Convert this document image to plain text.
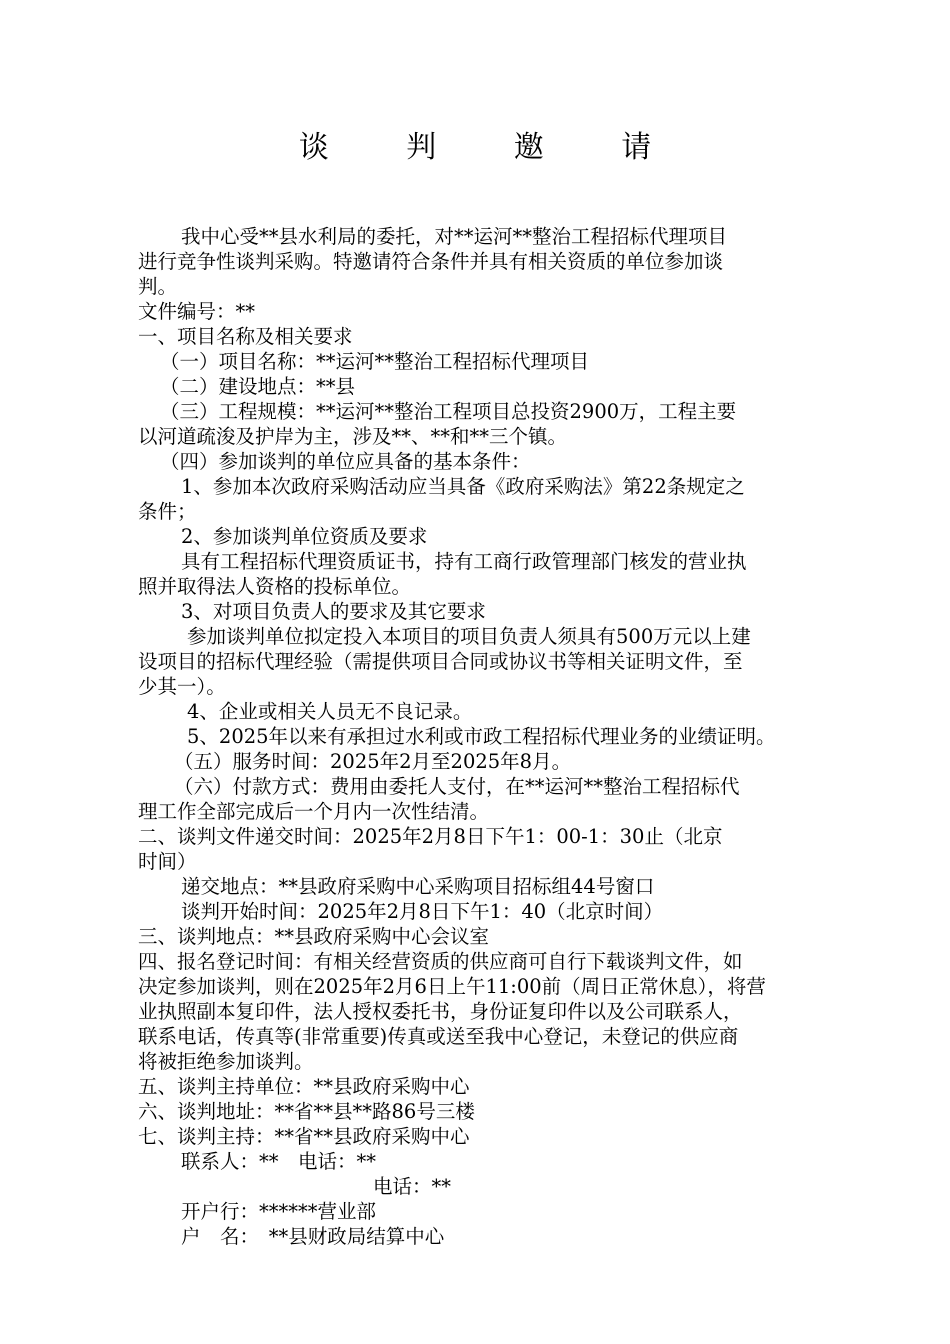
谈 判 邀 请
我中心受**县水利局的委托，对**运河**整治工程招标代理项目
进行竞争性谈判采购。特邀请符合条件并具有相关资质的单位参加谈
判。
文件编号：**
一、项目名称及相关要求
（一）项目名称：**运河**整治工程招标代理项目
（二）建设地点：**县
（三）工程规模：**运河**整治工程项目总投资2900万，工程主要
以河道疏浚及护岸为主，涉及**、**和**三个镇。
（四）参加谈判的单位应具备的基本条件：
1、参加本次政府采购活动应当具备《政府采购法》第22条规定之
条件；
2、参加谈判单位资质及要求
具有工程招标代理资质证书，持有工商行政管理部门核发的营业执
照并取得法人资格的投标单位。
3、对项目负责人的要求及其它要求
参加谈判单位拟定投入本项目的项目负责人须具有500万元以上建
设项目的招标代理经验（需提供项目合同或协议书等相关证明文件，至
少其一）。
4、企业或相关人员无不良记录。
5、2025年以来有承担过水利或市政工程招标代理业务的业绩证明。
（五）服务时间：2025年2月至2025年8月。
（六）付款方式：费用由委托人支付，在**运河**整治工程招标代
理工作全部完成后一个月内一次性结清。
二、谈判文件递交时间：2025年2月8日下午1：00-1：30止（北京
时间）
递交地点：**县政府采购中心采购项目招标组44号窗口
谈判开始时间：2025年2月8日下午1：40（北京时间）
三、谈判地点：**县政府采购中心会议室
四、报名登记时间：有相关经营资质的供应商可自行下载谈判文件，如
决定参加谈判，则在2025年2月6日上午11:00前（周日正常休息），将营
业执照副本复印件，法人授权委托书，身份证复印件以及公司联系人，
联系电话，传真等(非常重要)传真或送至我中心登记，未登记的供应商
将被拒绝参加谈判。
五、谈判主持单位：**县政府采购中心
六、谈判地址：**省**县**路86号三楼
七、谈判主持：**省**县政府采购中心
联系人：**　电话：**
电话：**
开户行：******营业部
户　名：　**县财政局结算中心
